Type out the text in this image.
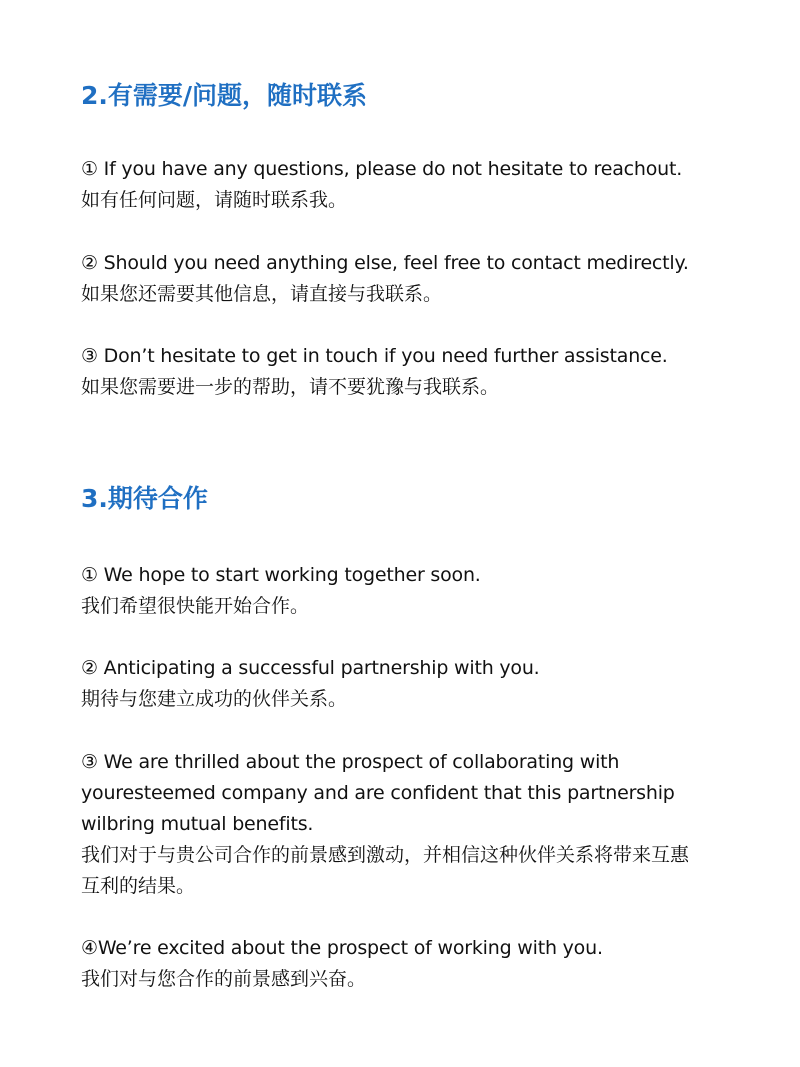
2.有需要/问题，随时联系
① If you have any questions, please do not hesitate to reachout.
如有任何问题，请随时联系我。
② Should you need anything else, feel free to contact medirectly.
如果您还需要其他信息，请直接与我联系。
③ Don’t hesitate to get in touch if you need further assistance.
如果您需要进一步的帮助，请不要犹豫与我联系。
3.期待合作
① We hope to start working together soon.
我们希望很快能开始合作。
② Anticipating a successful partnership with you.
期待与您建立成功的伙伴关系。
③ We are thrilled about the prospect of collaborating with
youresteemed company and are confident that this partnership
wilbring mutual benefits.
我们对于与贵公司合作的前景感到激动，并相信这种伙伴关系将带来互惠
互利的结果。
④We’re excited about the prospect of working with you.
我们对与您合作的前景感到兴奋。
